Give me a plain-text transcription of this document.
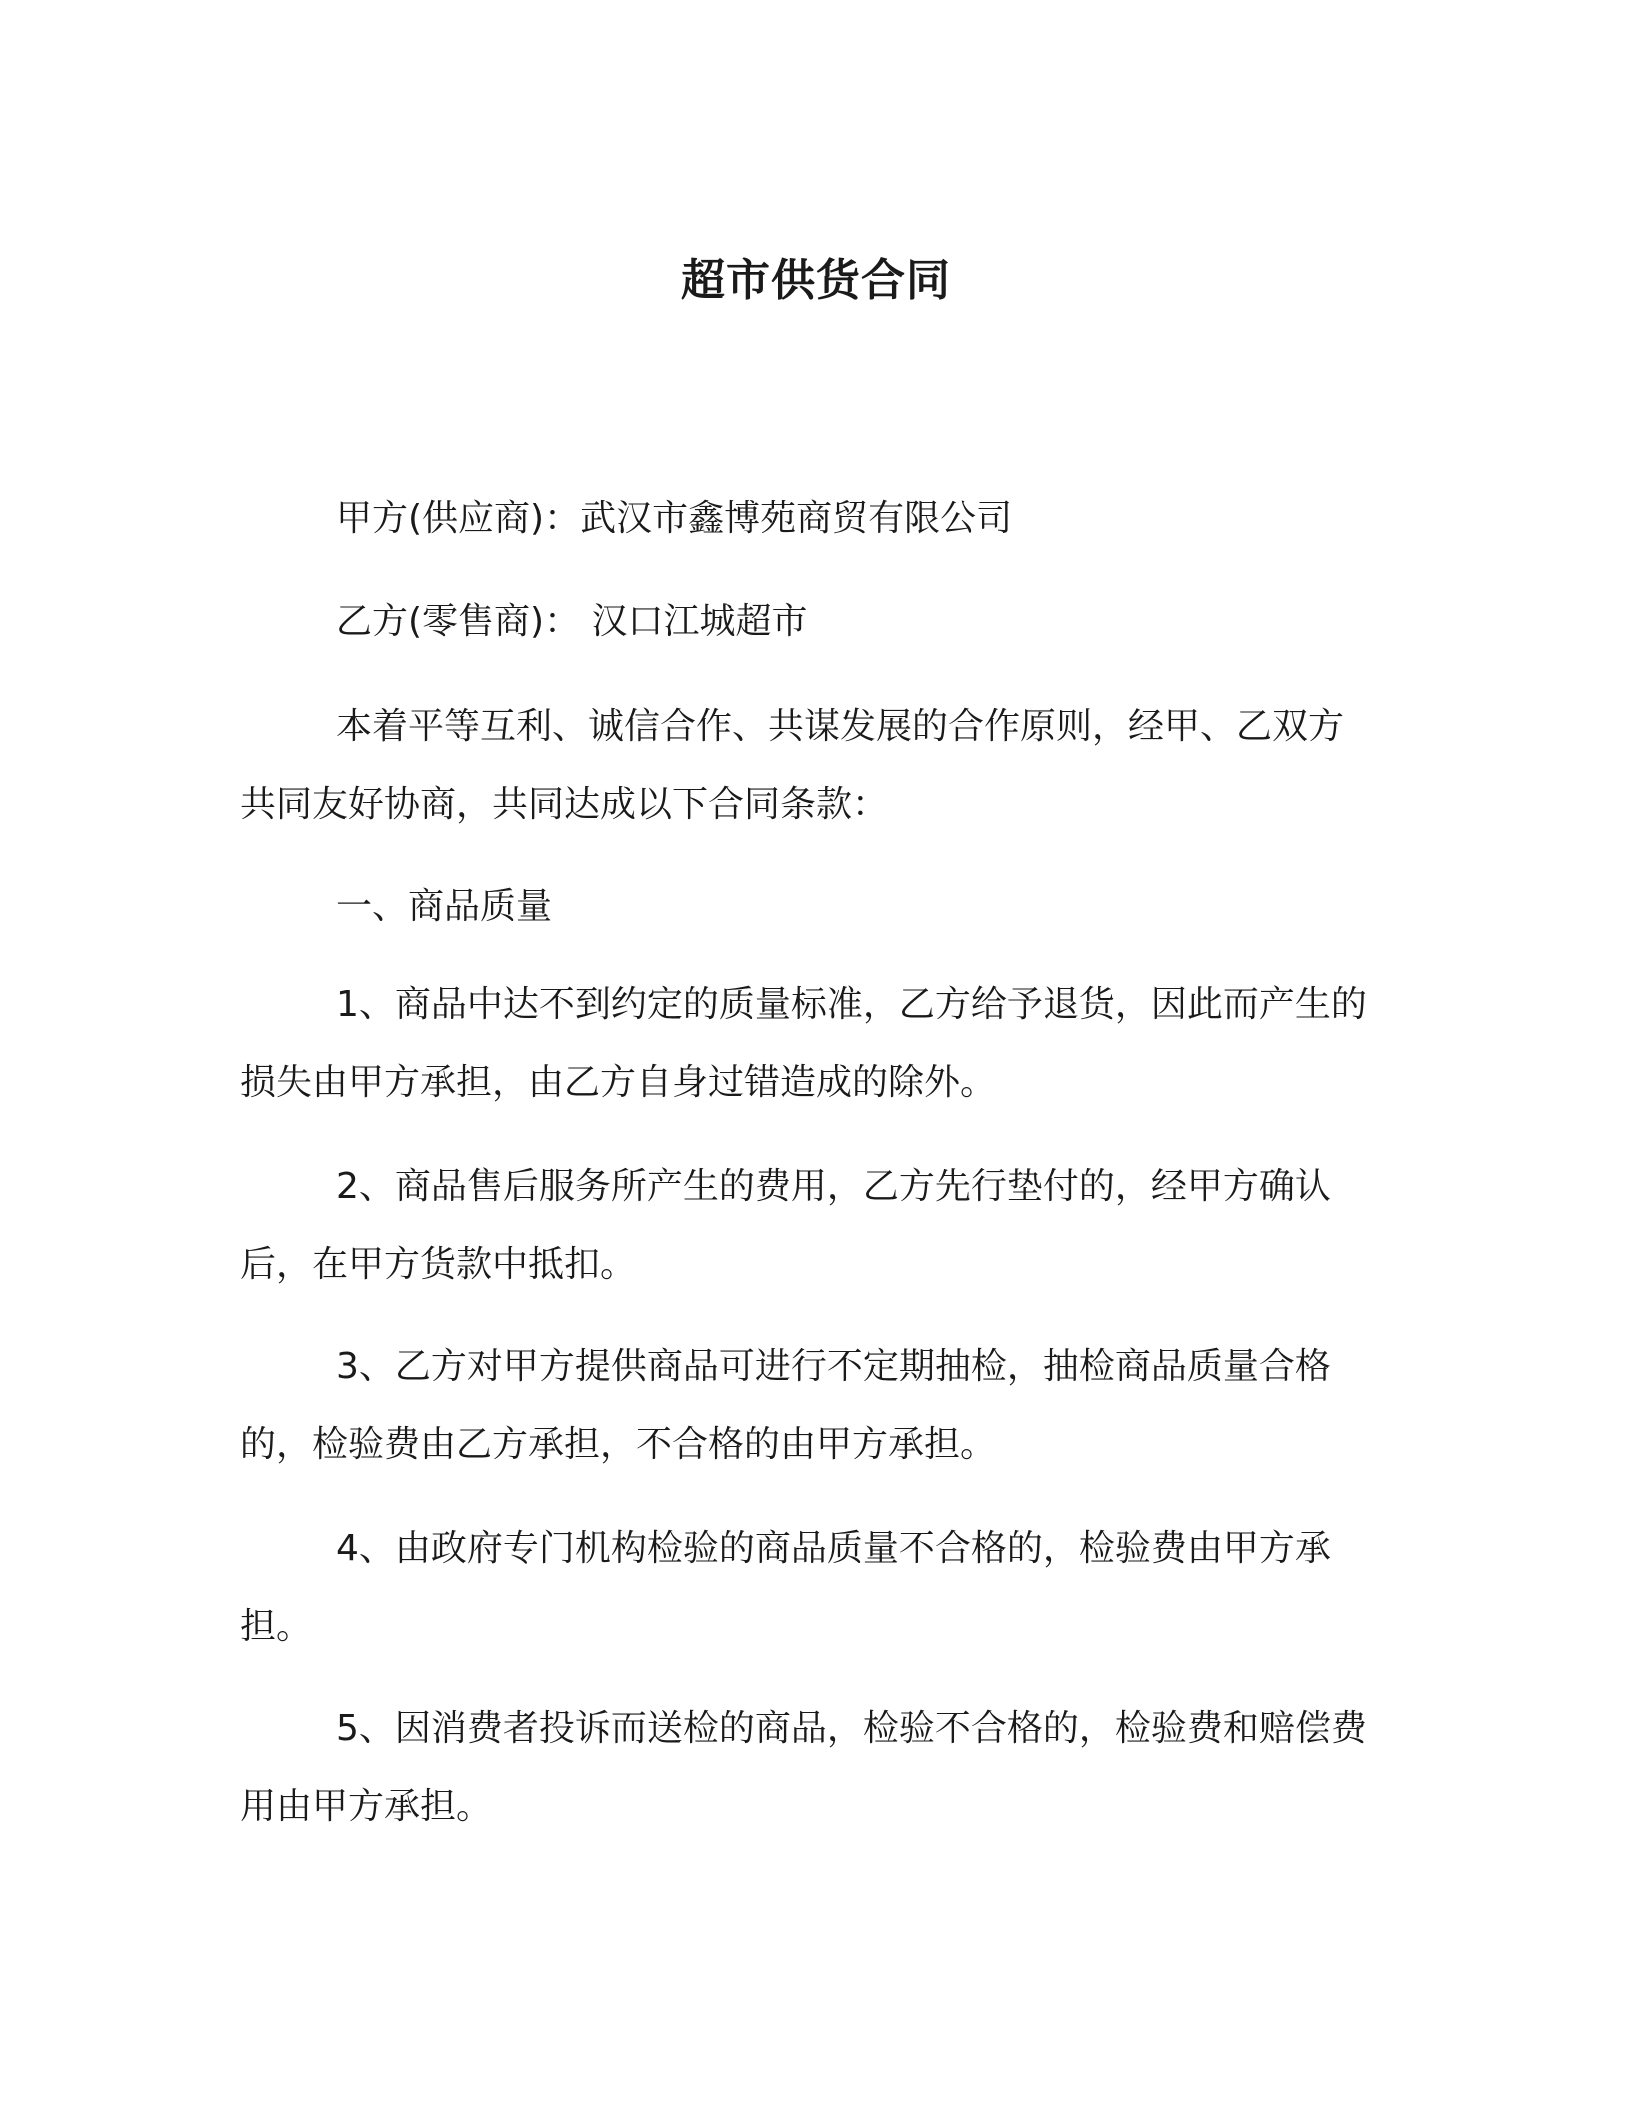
超市供货合同

甲方(供应商)：武汉市鑫博苑商贸有限公司

乙方(零售商)： 汉口江城超市

本着平等互利、诚信合作、共谋发展的合作原则，经甲、乙双方共同友好协商，共同达成以下合同条款：

一、商品质量

1、商品中达不到约定的质量标准，乙方给予退货，因此而产生的损失由甲方承担，由乙方自身过错造成的除外。

2、商品售后服务所产生的费用，乙方先行垫付的，经甲方确认后，在甲方货款中抵扣。

3、乙方对甲方提供商品可进行不定期抽检，抽检商品质量合格的，检验费由乙方承担，不合格的由甲方承担。

4、由政府专门机构检验的商品质量不合格的，检验费由甲方承担。

5、因消费者投诉而送检的商品，检验不合格的，检验费和赔偿费用由甲方承担。
